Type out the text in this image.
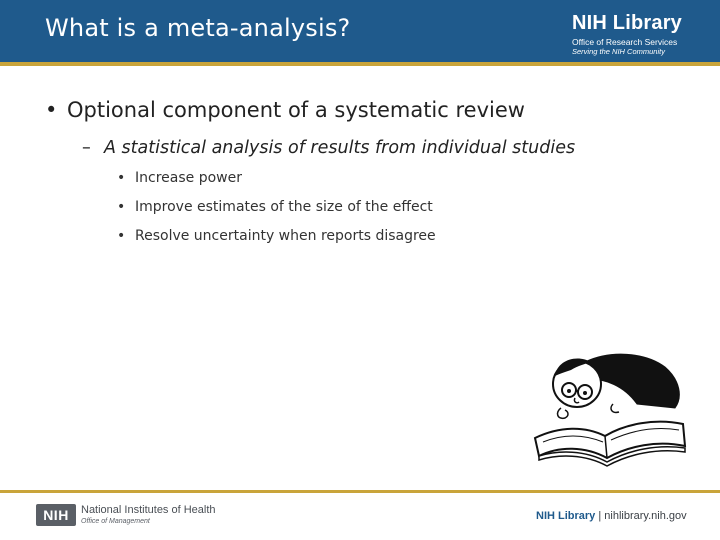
What is a meta-analysis?	NIH Library
Office of Research Services
Serving the NIH Community
• Optional component of a systematic review
– A statistical analysis of results from individual studies
• Increase power
• Improve estimates of the size of the effect
• Resolve uncertainty when reports disagree
NIH	National Institutes of Health
Office of Management	NIH Library | nihlibrary.nih.gov
